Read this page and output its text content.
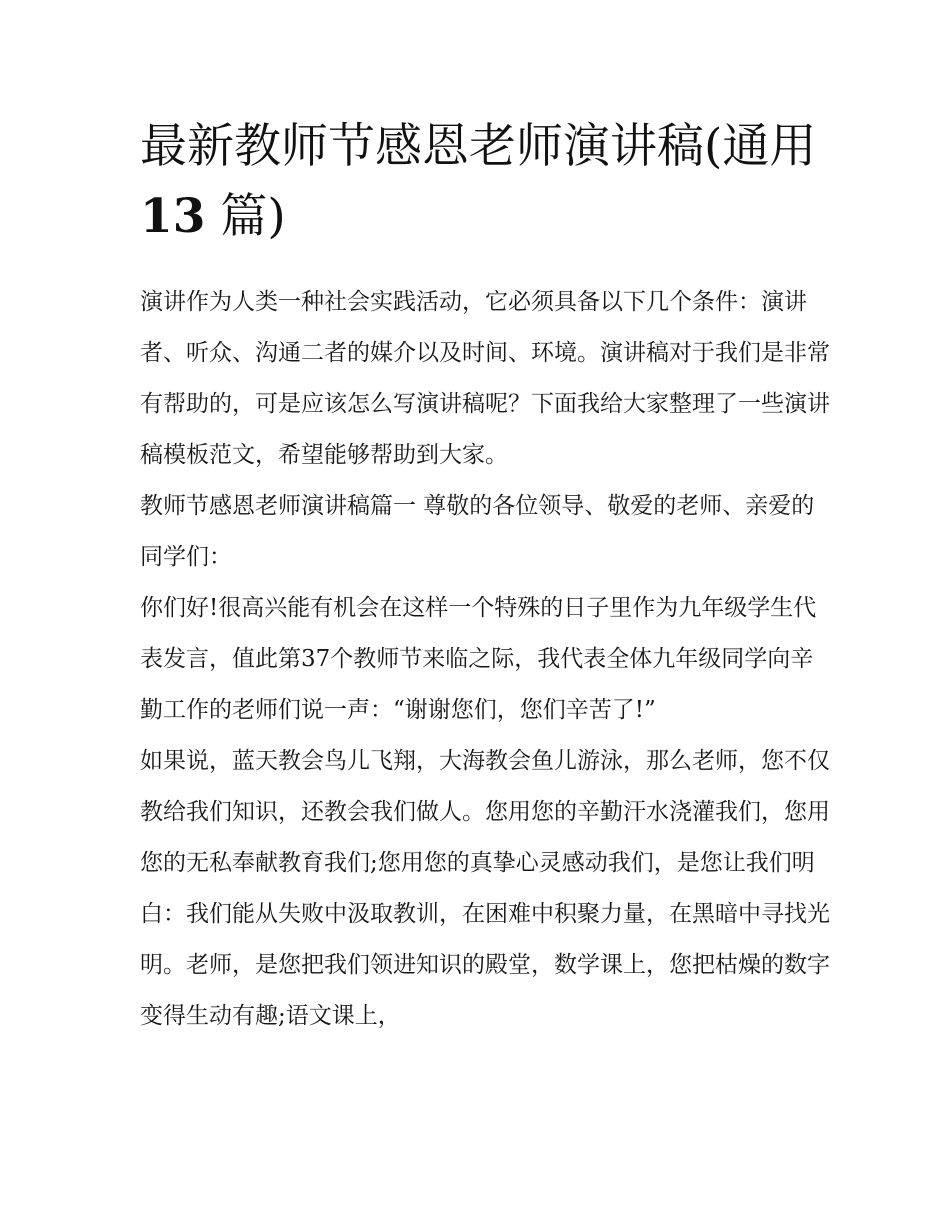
最新教师节感恩老师演讲稿(通用
13 篇)

演讲作为人类一种社会实践活动，它必须具备以下几个条件：演讲者、听众、沟通二者的媒介以及时间、环境。演讲稿对于我们是非常有帮助的，可是应该怎么写演讲稿呢？下面我给大家整理了一些演讲稿模板范文，希望能够帮助到大家。

教师节感恩老师演讲稿篇一 尊敬的各位领导、敬爱的老师、亲爱的同学们：

你们好!很高兴能有机会在这样一个特殊的日子里作为九年级学生代表发言，值此第37个教师节来临之际，我代表全体九年级同学向辛勤工作的老师们说一声：“谢谢您们，您们辛苦了!”

如果说，蓝天教会鸟儿飞翔，大海教会鱼儿游泳，那么老师，您不仅教给我们知识，还教会我们做人。您用您的辛勤汗水浇灌我们，您用您的无私奉献教育我们;您用您的真挚心灵感动我们，是您让我们明白：我们能从失败中汲取教训，在困难中积聚力量，在黑暗中寻找光明。老师，是您把我们领进知识的殿堂，数学课上，您把枯燥的数字变得生动有趣;语文课上，
